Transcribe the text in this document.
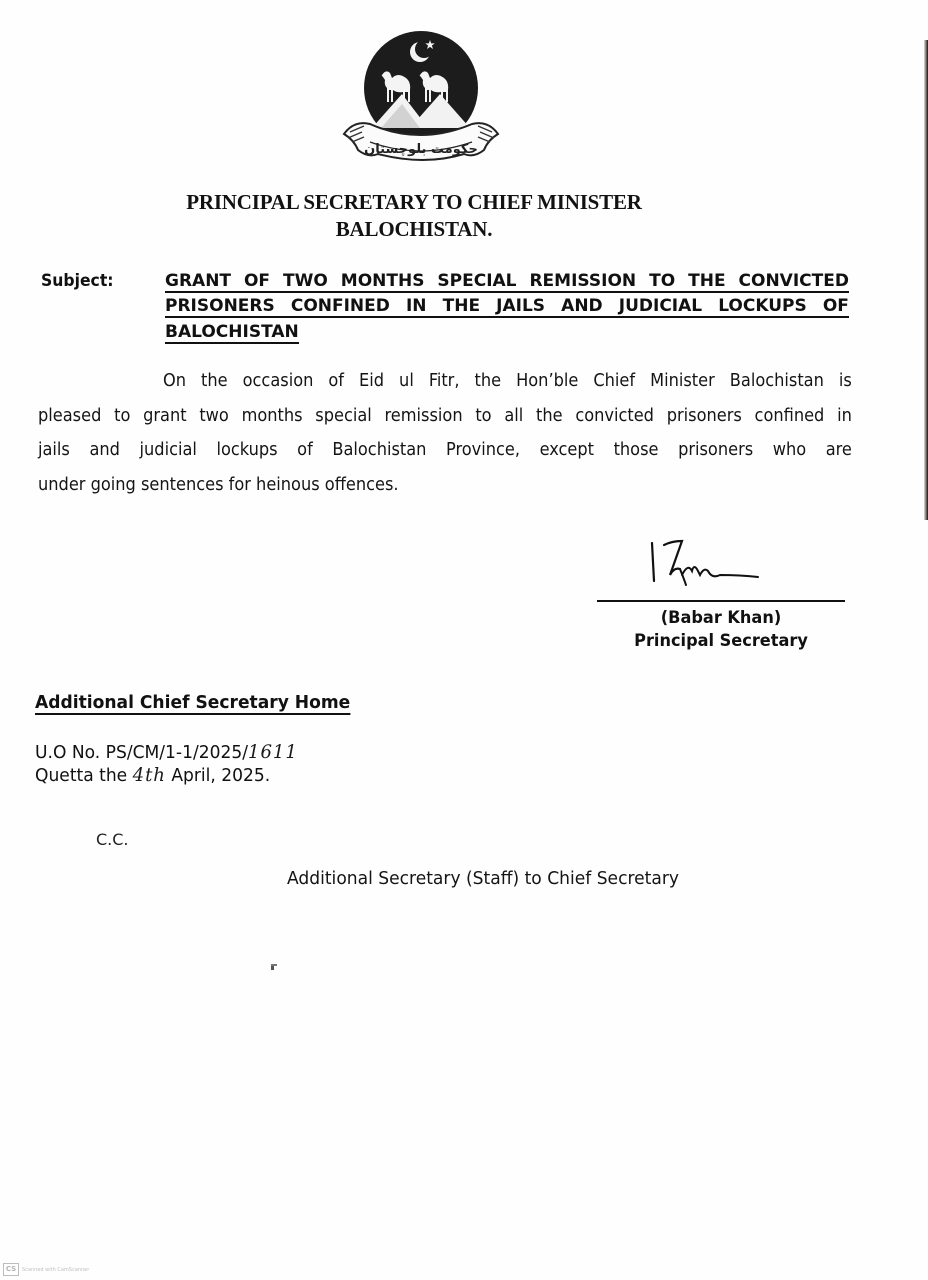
حکومت بلوچستان
PRINCIPAL SECRETARY TO CHIEF MINISTER
BALOCHISTAN.
Subject:	GRANT OF TWO MONTHS SPECIAL REMISSION TO THE CONVICTED
PRISONERS CONFINED IN THE JAILS AND JUDICIAL LOCKUPS OF
BALOCHISTAN
On the occasion of Eid ul Fitr, the Hon’ble Chief Minister Balochistan is
pleased to grant two months special remission to all the convicted prisoners confined in
jails and judicial lockups of Balochistan Province, except those prisoners who are
under going sentences for heinous offences.
(Babar Khan)
Principal Secretary
Additional Chief Secretary Home
U.O No. PS/CM/1-1/2025/1611
Quetta the 4th April, 2025.
C.C.
Additional Secretary (Staff) to Chief Secretary
CS	Scanned with CamScanner
